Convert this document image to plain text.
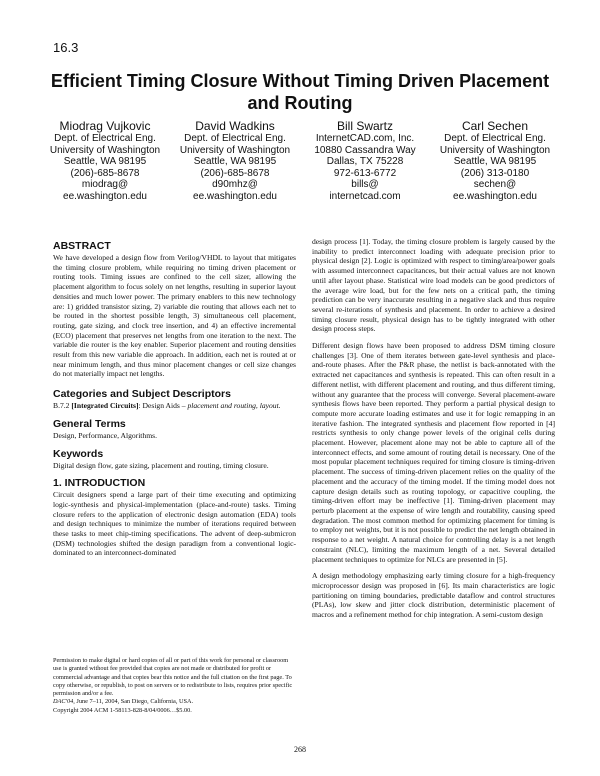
16.3
Efficient Timing Closure Without Timing Driven Placement and Routing
Miodrag Vujkovic
Dept. of Electrical Eng.
University of Washington
Seattle, WA 98195
(206)-685-8678
miodrag@
ee.washington.edu
David Wadkins
Dept. of Electrical Eng.
University of Washington
Seattle, WA 98195
(206)-685-8678
d90mhz@
ee.washington.edu
Bill Swartz
InternetCAD.com, Inc.
10880 Cassandra Way
Dallas, TX 75228
972-613-6772
bills@
internetcad.com
Carl Sechen
Dept. of Electrical Eng.
University of Washington
Seattle, WA 98195
(206) 313-0180
sechen@
ee.washington.edu

ABSTRACT

We have developed a design flow from Verilog/VHDL to layout that mitigates the timing closure problem, while requiring no timing driven placement or routing tools. Timing issues are confined to the cell sizer, allowing the placement algorithm to focus solely on net lengths, resulting in superior layout densities and much lower power. The primary enablers to this new technology are: 1) gridded transistor sizing, 2) variable die routing that allows each net to be routed in the shortest possible length, 3) simultaneous cell placement, routing, gate sizing, and clock tree insertion, and 4) an effective incremental (ECO) placement that preserves net lengths from one iteration to the next. The variable die router is the key enabler. Superior placement and routing densities result from this new variable die approach. In addition, each net is routed at or near minimum length, and thus minor placement changes or cell size changes do not materially impact net lengths.

Categories and Subject Descriptors

B.7.2 [Integrated Circuits]: Design Aids – placement and routing, layout.

General Terms

Design, Performance, Algorithms.

Keywords

Digital design flow, gate sizing, placement and routing, timing closure.

1. INTRODUCTION

Circuit designers spend a large part of their time executing and optimizing logic-synthesis and physical-implementation (place-and-route) tasks. Timing closure refers to the application of electronic design automation (EDA) tools and design techniques to minimize the number of iterations required between these tasks to meet chip-timing specifications. The advent of deep-submicron (DSM) technologies shifted the design paradigm from a conventional logic-dominated to an interconnect-dominated

Permission to make digital or hard copies of all or part of this work for personal or classroom use is granted without fee provided that copies are not made or distributed for profit or commercial advantage and that copies bear this notice and the full citation on the first page. To copy otherwise, or republish, to post on servers or to redistribute to lists, requires prior specific permission and/or a fee.
DAC'04, June 7–11, 2004, San Diego, California, USA.
Copyright 2004 ACM 1-58113-828-8/04/0006…$5.00.

design process [1]. Today, the timing closure problem is largely caused by the inability to predict interconnect loading with adequate precision prior to physical design [2]. Logic is optimized with respect to timing/area/power goals with assumed interconnect capacitances, but their actual values are not known until after layout phase. Statistical wire load models can be good predictors of the average wire load, but for the few nets on a critical path, the timing prediction can be very inaccurate resulting in a negative slack and thus require several re-iterations of synthesis and placement. In order to achieve a desired timing closure result, physical design has to be tightly integrated with other design process steps.

Different design flows have been proposed to address DSM timing closure challenges [3]. One of them iterates between gate-level synthesis and place-and-route phases. After the P&R phase, the netlist is back-annotated with the extracted net capacitances and synthesis is repeated. This can often result in a different netlist, with different placement and routing, and thus different timing, without any guarantee that the process will converge. Several placement-aware synthesis flows have been reported. They perform a partial physical design to compute more accurate loading estimates and use it for logic remapping in an iterative fashion. The integrated synthesis and placement flow reported in [4] restricts synthesis to only change power levels of the original cells during placement. However, placement alone may not be able to capture all of the interconnect effects, and some amount of routing detail is necessary. One of the most popular placement techniques required for timing closure is timing-driven placement. The success of timing-driven placement relies on the quality of the placement and the accuracy of the timing model. If the timing model does not capture design details such as routing topology, or capacitive coupling, the timing-driven effort may be ineffective [1]. Timing-driven placement may perturb placement at the expense of wire length and routability, causing speed degradation. The most common method for optimizing placement for timing is to employ net weights, but it is not possible to predict the net length obtained in response to a net weight. A natural choice for controlling delay is a net length constraint (NLC), limiting the maximum length of a net. Several detailed placement techniques to optimize for NLCs are presented in [5].

A design methodology emphasizing early timing closure for a high-frequency microprocessor design was proposed in [6]. Its main characteristics are logic partitioning on timing boundaries, predictable dataflow and control structures (PLAs), low skew and jitter clock distribution, deterministic placement of macros and a refinement method for chip integration. A semi-custom design

268
